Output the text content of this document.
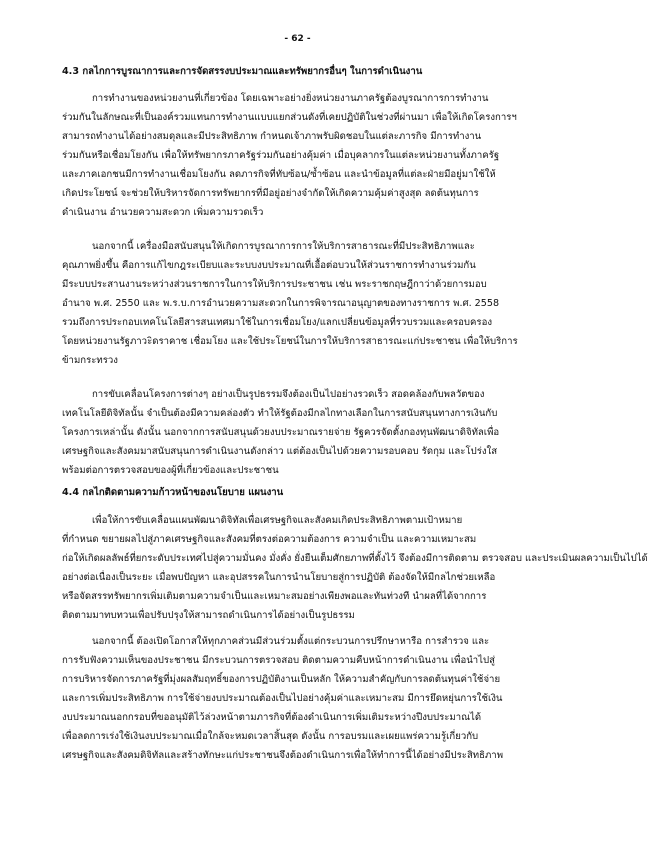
- 62 -
4.3 กลไกการบูรณาการและการจัดสรรงบประมาณและทรัพยากรอื่นๆ ในการดำเนินงาน
การทำงานของหน่วยงานที่เกี่ยวข้อง โดยเฉพาะอย่างยิ่งหน่วยงานภาครัฐต้องบูรณาการการทำงาน
ร่วมกันในลักษณะที่เป็นองค์รวมแทนการทำงานแบบแยกส่วนดังที่เคยปฏิบัติในช่วงที่ผ่านมา เพื่อให้เกิดโครงการฯ
สามารถทำงานได้อย่างสมดุลและมีประสิทธิภาพ กำหนดเจ้าภาพรับผิดชอบในแต่ละภารกิจ มีการทำงาน
ร่วมกันหรือเชื่อมโยงกัน เพื่อให้ทรัพยากรภาครัฐร่วมกันอย่างคุ้มค่า เมื่อบุคลากรในแต่ละหน่วยงานทั้งภาครัฐ
และภาคเอกชนมีการทำงานเชื่อมโยงกัน ลดภารกิจที่ทับซ้อน/ซ้ำซ้อน และนำข้อมูลที่แต่ละฝ่ายมีอยู่มาใช้ให้
เกิดประโยชน์ จะช่วยให้บริหารจัดการทรัพยากรที่มีอยู่อย่างจำกัดให้เกิดความคุ้มค่าสูงสุด ลดต้นทุนการ
ดำเนินงาน อำนวยความสะดวก เพิ่มความรวดเร็ว
นอกจากนี้ เครื่องมือสนับสนุนให้เกิดการบูรณาการการให้บริการสาธารณะที่มีประสิทธิภาพและ
คุณภาพยิ่งขึ้น คือการแก้ไขกฎระเบียบและระบบงบประมาณที่เอื้อต่อบวนให้ส่วนราชการทำงานร่วมกัน
มีระบบประสานงานระหว่างส่วนราชการในการให้บริการประชาชน เช่น พระราชกฤษฎีกาว่าด้วยการมอบ
อำนาจ พ.ศ. 2550 และ พ.ร.บ.การอำนวยความสะดวกในการพิจารณาอนุญาตของทางราชการ พ.ศ. 2558
รวมถึงการประกอบเทคโนโลยีสารสนเทศมาใช้ในการเชื่อมโยง/แลกเปลี่ยนข้อมูลที่รวบรวมและครอบครอง
โดยหน่วยงานรัฐภาวะิดราคาช เชื่อมโยง และใช้ประโยชน์ในการให้บริการสาธารณะแก่ประชาชน เพื่อให้บริการ
ข้ามกระทรวง
การขับเคลื่อนโครงการต่างๆ อย่างเป็นรูปธรรมจึงต้องเป็นไปอย่างรวดเร็ว สอดคล้องกับพลวัตของ
เทคโนโลยีดิจิทัลนั้น จำเป็นต้องมีความคล่องตัว ทำให้รัฐต้องมีกลไกทางเลือกในการสนับสนุนทางการเงินกับ
โครงการเหล่านั้น ดังนั้น นอกจากการสนับสนุนด้วยงบประมาณรายจ่าย รัฐควรจัดตั้งกองทุนพัฒนาดิจิทัลเพื่อ
เศรษฐกิจและสังคมมาสนับสนุนการดำเนินงานดังกล่าว แต่ต้องเป็นไปด้วยความรอบคอบ รัดกุม และโปร่งใส
พร้อมต่อการตรวจสอบของผู้ที่เกี่ยวข้องและประชาชน
4.4 กลไกติดตามความก้าวหน้าของนโยบาย แผนงาน
เพื่อให้การขับเคลื่อนแผนพัฒนาดิจิทัลเพื่อเศรษฐกิจและสังคมเกิดประสิทธิภาพตามเป้าหมาย
ที่กำหนด ขยายผลไปสู่ภาคเศรษฐกิจและสังคมที่ตรงต่อความต้องการ ความจำเป็น และความเหมาะสม
ก่อให้เกิดผลลัพธ์ที่ยกระดับประเทศไปสู่ความมั่นคง มั่งคั่ง ยั่งยืนเต็มศักยภาพที่ตั้งไว้ จึงต้องมีการติดตาม ตรวจสอบ และประเมินผลความเป็นไปได้
อย่างต่อเนื่องเป็นระยะ เมื่อพบปัญหา และอุปสรรคในการนำนโยบายสู่การปฏิบัติ ต้องจัดให้มีกลไกช่วยเหลือ
หรือจัดสรรทรัพยากรเพิ่มเติมตามความจำเป็นและเหมาะสมอย่างเพียงพอและทันท่วงที นำผลที่ได้จากการ
ติดตามมาทบทวนเพื่อปรับปรุงให้สามารถดำเนินการได้อย่างเป็นรูปธรรม
นอกจากนี้ ต้องเปิดโอกาสให้ทุกภาคส่วนมีส่วนร่วมตั้งแต่กระบวนการปรึกษาหารือ การสำรวจ และ
การรับฟังความเห็นของประชาชน มีกระบวนการตรวจสอบ ติดตามความคืบหน้าการดำเนินงาน เพื่อนำไปสู่
การบริหารจัดการภาครัฐที่มุ่งผลสัมฤทธิ์ของการปฏิบัติงานเป็นหลัก ให้ความสำคัญกับการลดต้นทุนค่าใช้จ่าย
และการเพิ่มประสิทธิภาพ การใช้จ่ายงบประมาณต้องเป็นไปอย่างคุ้มค่าและเหมาะสม มีการยึดหยุ่นการใช้เงิน
งบประมาณนอกกรอบที่ขออนุมัติไว้ล่วงหน้าตามภารกิจที่ต้องดำเนินการเพิ่มเติมระหว่างปีงบประมาณได้
เพื่อลดการเร่งใช้เงินงบประมาณเมื่อใกล้จะหมดเวลาสิ้นสุด ดังนั้น การอบรมและเผยแพร่ความรู้เกี่ยวกับ
เศรษฐกิจและสังคมดิจิทัลและสร้างทักษะแก่ประชาชนจึงต้องดำเนินการเพื่อให้ทำการนี้ได้อย่างมีประสิทธิภาพ
